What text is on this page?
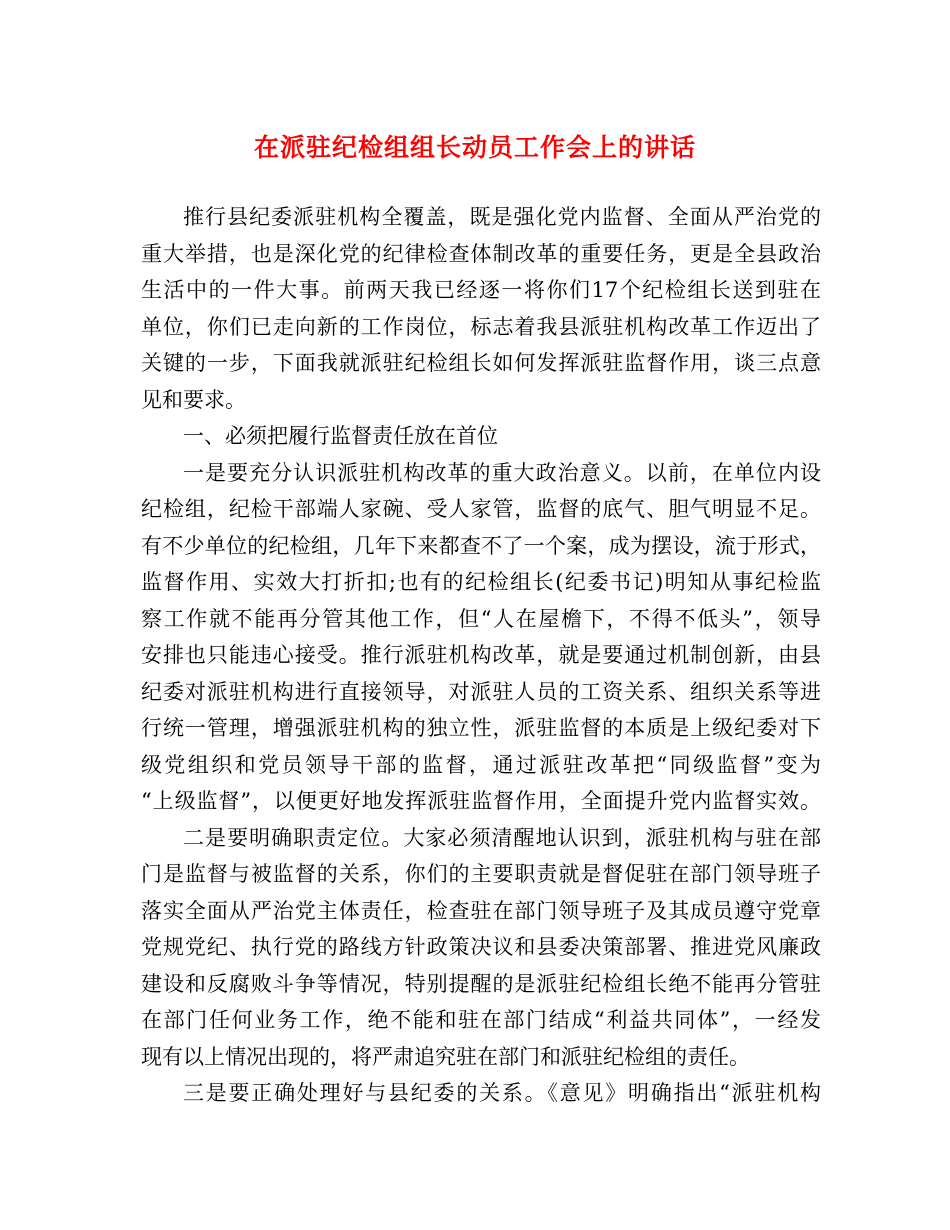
在派驻纪检组组长动员工作会上的讲话
推行县纪委派驻机构全覆盖，既是强化党内监督、全面从严治党的
重大举措，也是深化党的纪律检查体制改革的重要任务，更是全县政治
生活中的一件大事。前两天我已经逐一将你们17个纪检组长送到驻在
单位，你们已走向新的工作岗位，标志着我县派驻机构改革工作迈出了
关键的一步，下面我就派驻纪检组长如何发挥派驻监督作用，谈三点意
见和要求。
一、必须把履行监督责任放在首位
一是要充分认识派驻机构改革的重大政治意义。以前，在单位内设
纪检组，纪检干部端人家碗、受人家管，监督的底气、胆气明显不足。
有不少单位的纪检组，几年下来都查不了一个案，成为摆设，流于形式，
监督作用、实效大打折扣;也有的纪检组长(纪委书记)明知从事纪检监
察工作就不能再分管其他工作，但“人在屋檐下，不得不低头”，领导
安排也只能违心接受。推行派驻机构改革，就是要通过机制创新，由县
纪委对派驻机构进行直接领导，对派驻人员的工资关系、组织关系等进
行统一管理，增强派驻机构的独立性，派驻监督的本质是上级纪委对下
级党组织和党员领导干部的监督，通过派驻改革把“同级监督”变为
“上级监督”，以便更好地发挥派驻监督作用，全面提升党内监督实效。
二是要明确职责定位。大家必须清醒地认识到，派驻机构与驻在部
门是监督与被监督的关系，你们的主要职责就是督促驻在部门领导班子
落实全面从严治党主体责任，检查驻在部门领导班子及其成员遵守党章
党规党纪、执行党的路线方针政策决议和县委决策部署、推进党风廉政
建设和反腐败斗争等情况，特别提醒的是派驻纪检组长绝不能再分管驻
在部门任何业务工作，绝不能和驻在部门结成“利益共同体”，一经发
现有以上情况出现的，将严肃追究驻在部门和派驻纪检组的责任。
三是要正确处理好与县纪委的关系。《意见》明确指出“派驻机构
